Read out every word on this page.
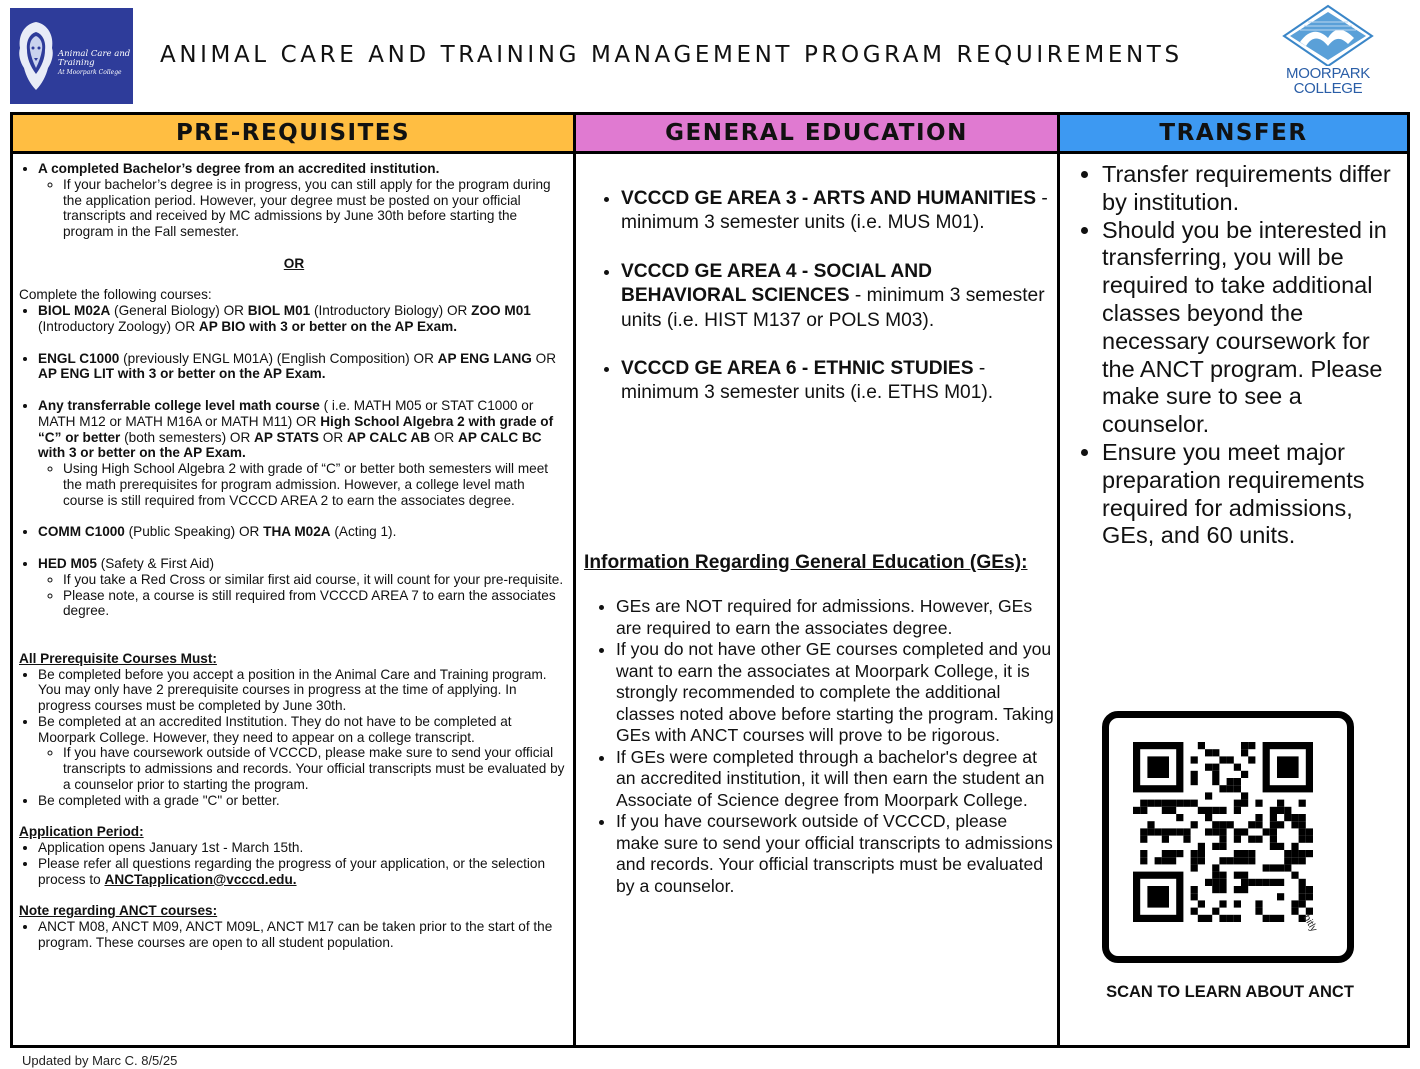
Animal Care and Training
At Moorpark College
ANIMAL CARE AND TRAINING MANAGEMENT PROGRAM REQUIREMENTS
MOORPARK
COLLEGE
PRE-REQUISITES
• A completed Bachelor’s degree from an accredited institution.
◦ If your bachelor’s degree is in progress, you can still apply for the program during the application period. However, your degree must be posted on your official transcripts and received by MC admissions by June 30th before starting the program in the Fall semester.

OR

Complete the following courses:

• BIOL M02A (General Biology) OR BIOL M01 (Introductory Biology) OR ZOO M01 (Introductory Zoology) OR AP BIO with 3 or better on the AP Exam.
• ENGL C1000 (previously ENGL M01A) (English Composition) OR AP ENG LANG OR AP ENG LIT with 3 or better on the AP Exam.
• Any transferrable college level math course ( i.e. MATH M05 or STAT C1000 or MATH M12 or MATH M16A or MATH M11) OR High School Algebra 2 with grade of “C” or better (both semesters) OR AP STATS OR AP CALC AB OR AP CALC BC with 3 or better on the AP Exam.
◦ Using High School Algebra 2 with grade of “C” or better both semesters will meet the math prerequisites for program admission. However, a college level math course is still required from VCCCD AREA 2 to earn the associates degree.
• COMM C1000 (Public Speaking) OR THA M02A (Acting 1).
• HED M05 (Safety & First Aid)
◦ If you take a Red Cross or similar first aid course, it will count for your pre-requisite.
◦ Please note, a course is still required from VCCCD AREA 7 to earn the associates degree.

All Prerequisite Courses Must:

• Be completed before you accept a position in the Animal Care and Training program. You may only have 2 prerequisite courses in progress at the time of applying. In progress courses must be completed by June 30th.
• Be completed at an accredited Institution. They do not have to be completed at Moorpark College. However, they need to appear on a college transcript.
◦ If you have coursework outside of VCCCD, please make sure to send your official transcripts to admissions and records. Your official transcripts must be evaluated by a counselor prior to starting the program.
• Be completed with a grade "C" or better.

Application Period:

• Application opens January 1st - March 15th.
• Please refer all questions regarding the progress of your application, or the selection process to ANCTapplication@vcccd.edu.

Note regarding ANCT courses:

• ANCT M08, ANCT M09, ANCT M09L, ANCT M17 can be taken prior to the start of the program. These courses are open to all student population.
GENERAL EDUCATION
• VCCCD GE AREA 3 - ARTS AND HUMANITIES - minimum 3 semester units (i.e. MUS M01).
• VCCCD GE AREA 4 - SOCIAL AND BEHAVIORAL SCIENCES - minimum 3 semester units (i.e. HIST M137 or POLS M03).
• VCCCD GE AREA 6 - ETHNIC STUDIES - minimum 3 semester units (i.e. ETHS M01).
Information Regarding General Education (GEs):
• GEs are NOT required for admissions. However, GEs are required to earn the associates degree.
• If you do not have other GE courses completed and you want to earn the associates at Moorpark College, it is strongly recommended to complete the additional classes noted above before starting the program. Taking GEs with ANCT courses will prove to be rigorous.
• If GEs were completed through a bachelor's degree at an accredited institution, it will then earn the student an Associate of Science degree from Moorpark College.
• If you have coursework outside of VCCCD, please make sure to send your official transcripts to admissions and records. Your official transcripts must be evaluated by a counselor.
TRANSFER
• Transfer requirements differ by institution.
• Should you be interested in transferring, you will be required to take additional classes beyond the necessary coursework for the ANCT program. Please make sure to see a counselor.
• Ensure you meet major preparation requirements required for admissions, GEs, and 60 units.
bitly
SCAN TO LEARN ABOUT ANCT
Updated by Marc C. 8/5/25
